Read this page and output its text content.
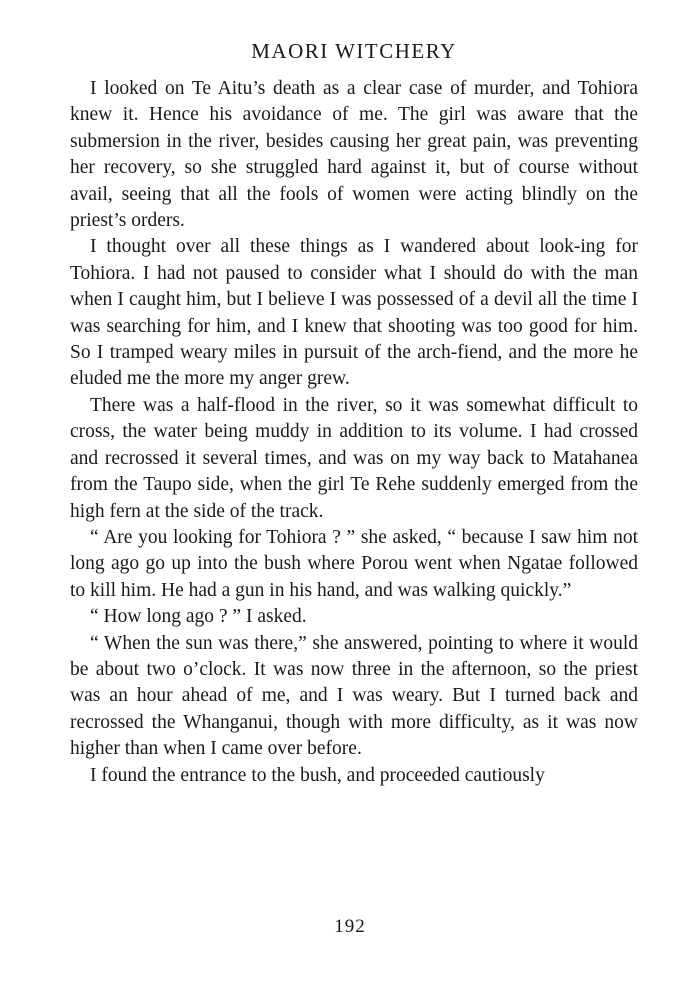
MAORI WITCHERY

I looked on Te Aitu’s death as a clear case of murder, and Tohiora knew it. Hence his avoidance of me. The girl was aware that the submersion in the river, besides causing her great pain, was preventing her recovery, so she struggled hard against it, but of course without avail, seeing that all the fools of women were acting blindly on the priest’s orders.

I thought over all these things as I wandered about look-ing for Tohiora. I had not paused to consider what I should do with the man when I caught him, but I believe I was possessed of a devil all the time I was searching for him, and I knew that shooting was too good for him. So I tramped weary miles in pursuit of the arch-fiend, and the more he eluded me the more my anger grew.

There was a half-flood in the river, so it was somewhat difficult to cross, the water being muddy in addition to its volume. I had crossed and recrossed it several times, and was on my way back to Matahanea from the Taupo side, when the girl Te Rehe suddenly emerged from the high fern at the side of the track.

“ Are you looking for Tohiora ? ” she asked, “ because I saw him not long ago go up into the bush where Porou went when Ngatae followed to kill him. He had a gun in his hand, and was walking quickly.”

“ How long ago ? ” I asked.

“ When the sun was there,” she answered, pointing to where it would be about two o’clock. It was now three in the afternoon, so the priest was an hour ahead of me, and I was weary. But I turned back and recrossed the Whanganui, though with more difficulty, as it was now higher than when I came over before.

I found the entrance to the bush, and proceeded cautiously

192
